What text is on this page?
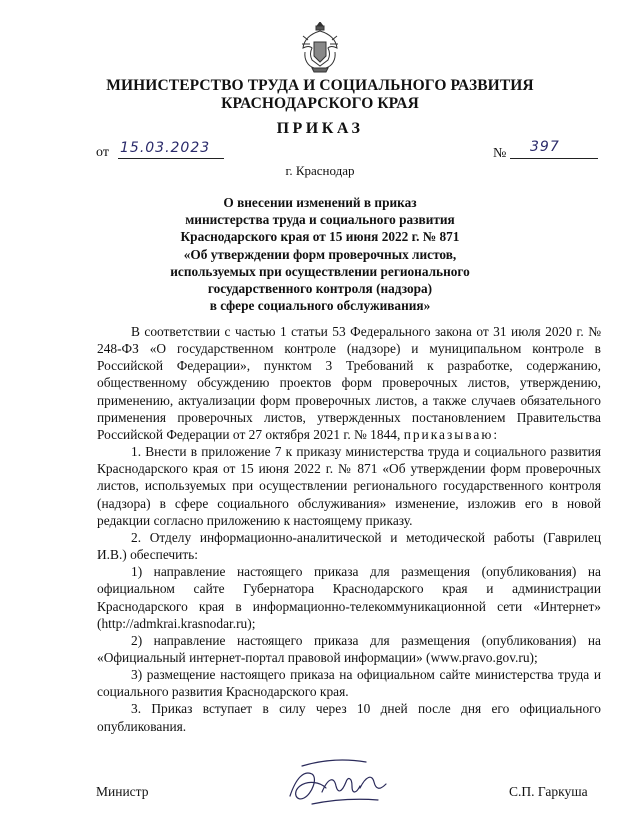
МИНИСТЕРСТВО ТРУДА И СОЦИАЛЬНОГО РАЗВИТИЯ
КРАСНОДАРСКОГО КРАЯ
ПРИКАЗ
от 15.03.2023	№ 397
г. Краснодар
О внесении изменений в приказ
министерства труда и социального развития
Краснодарского края от 15 июня 2022 г. № 871
«Об утверждении форм проверочных листов,
используемых при осуществлении регионального
государственного контроля (надзора)
в сфере социального обслуживания»

В соответствии с частью 1 статьи 53 Федерального закона от 31 июля 2020 г. № 248-ФЗ «О государственном контроле (надзоре) и муниципальном контроле в Российской Федерации», пунктом 3 Требований к разработке, содержанию, общественному обсуждению проектов форм проверочных листов, утверждению, применению, актуализации форм проверочных листов, а также случаев обязательного применения проверочных листов, утвержденных постановлением Правительства Российской Федерации от 27 октября 2021 г. № 1844, приказываю:

1. Внести в приложение 7 к приказу министерства труда и социального развития Краснодарского края от 15 июня 2022 г. № 871 «Об утверждении форм проверочных листов, используемых при осуществлении регионального государственного контроля (надзора) в сфере социального обслуживания» изменение, изложив его в новой редакции согласно приложению к настоящему приказу.

2. Отделу информационно-аналитической и методической работы (Гаврилец И.В.) обеспечить:

1) направление настоящего приказа для размещения (опубликования) на официальном сайте Губернатора Краснодарского края и администрации Краснодарского края в информационно-телекоммуникационной сети «Интернет» (http://admkrai.krasnodar.ru);

2) направление настоящего приказа для размещения (опубликования) на «Официальный интернет-портал правовой информации» (www.pravo.gov.ru);

3) размещение настоящего приказа на официальном сайте министерства труда и социального развития Краснодарского края.

3. Приказ вступает в силу через 10 дней после дня его официального опубликования.

Министр	С.П. Гаркуша
